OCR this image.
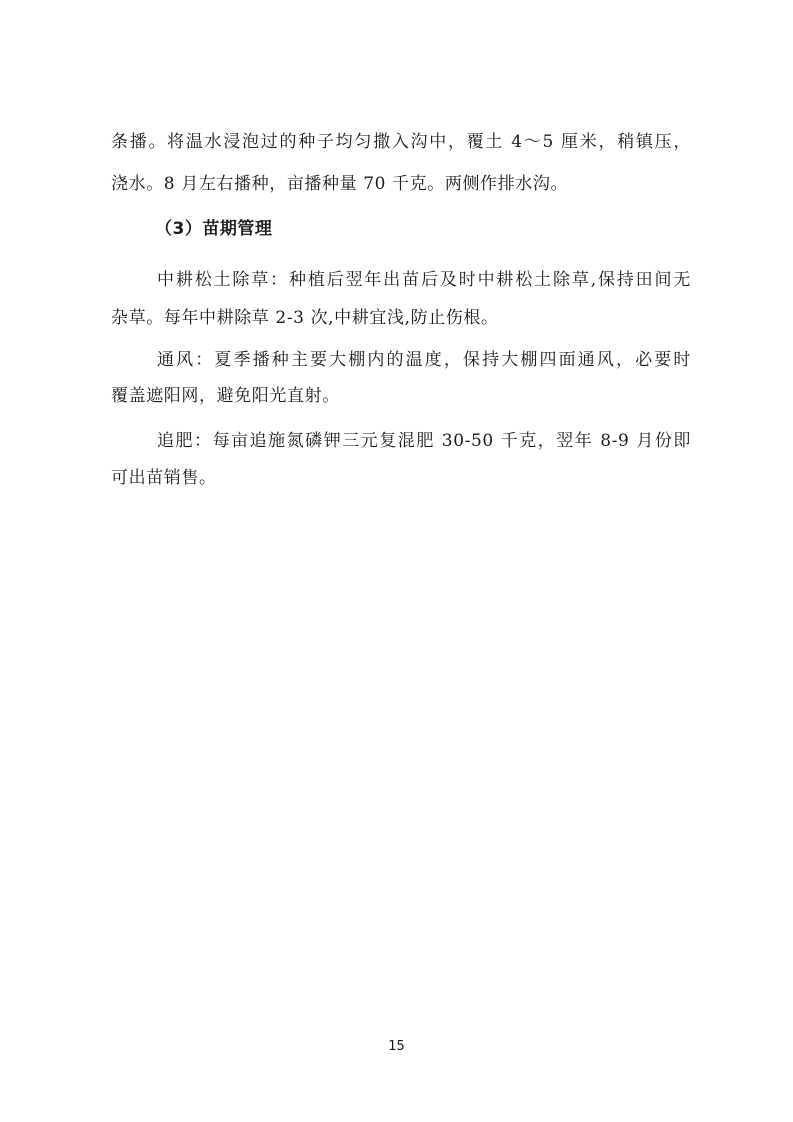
条播。将温水浸泡过的种子均匀撒入沟中，覆土 4～5 厘米，稍镇压，
浇水。8 月左右播种，亩播种量 70 千克。两侧作排水沟。
（3）苗期管理
中耕松土除草：种植后翌年出苗后及时中耕松土除草,保持田间无
杂草。每年中耕除草 2-3 次,中耕宜浅,防止伤根。
通风：夏季播种主要大棚内的温度，保持大棚四面通风，必要时
覆盖遮阳网，避免阳光直射。
追肥：每亩追施氮磷钾三元复混肥 30-50 千克，翌年 8-9 月份即
可出苗销售。
15
